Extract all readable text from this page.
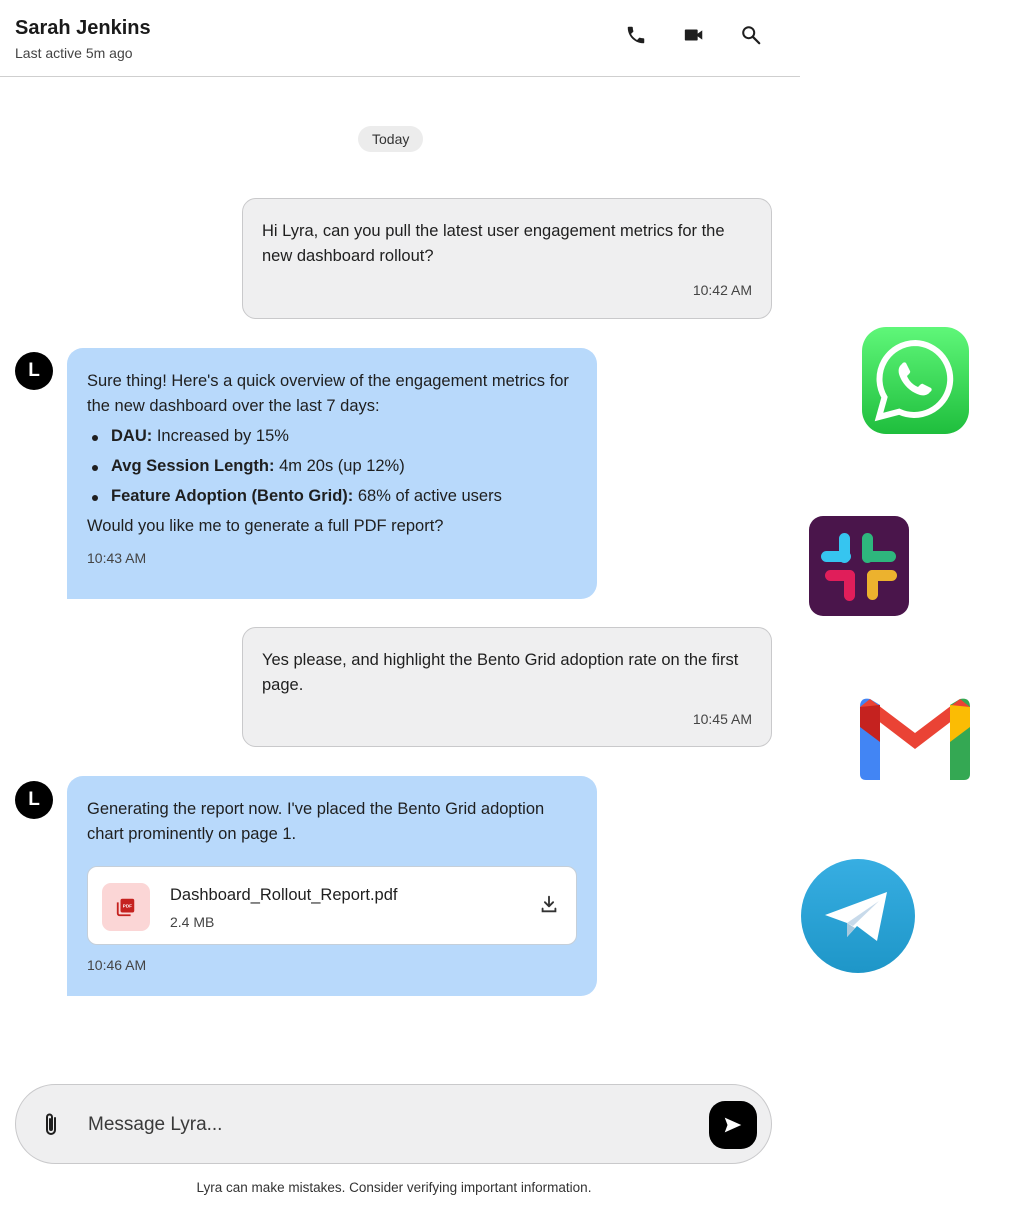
Sarah Jenkins
Last active 5m ago
Today
Hi Lyra, can you pull the latest user engagement metrics for the new dashboard rollout?
10:42 AM
L	Sure thing! Here's a quick overview of the engagement metrics for the new dashboard over the last 7 days:
DAU: Increased by 15%
Avg Session Length: 4m 20s (up 12%)
Feature Adoption (Bento Grid): 68% of active users
Would you like me to generate a full PDF report?
10:43 AM
Yes please, and highlight the Bento Grid adoption rate on the first page.
10:45 AM
L	Generating the report now. I've placed the Bento Grid adoption chart prominently on page 1.
PDF
Dashboard_Rollout_Report.pdf
2.4 MB
10:46 AM
Message Lyra...
Lyra can make mistakes. Consider verifying important information.
